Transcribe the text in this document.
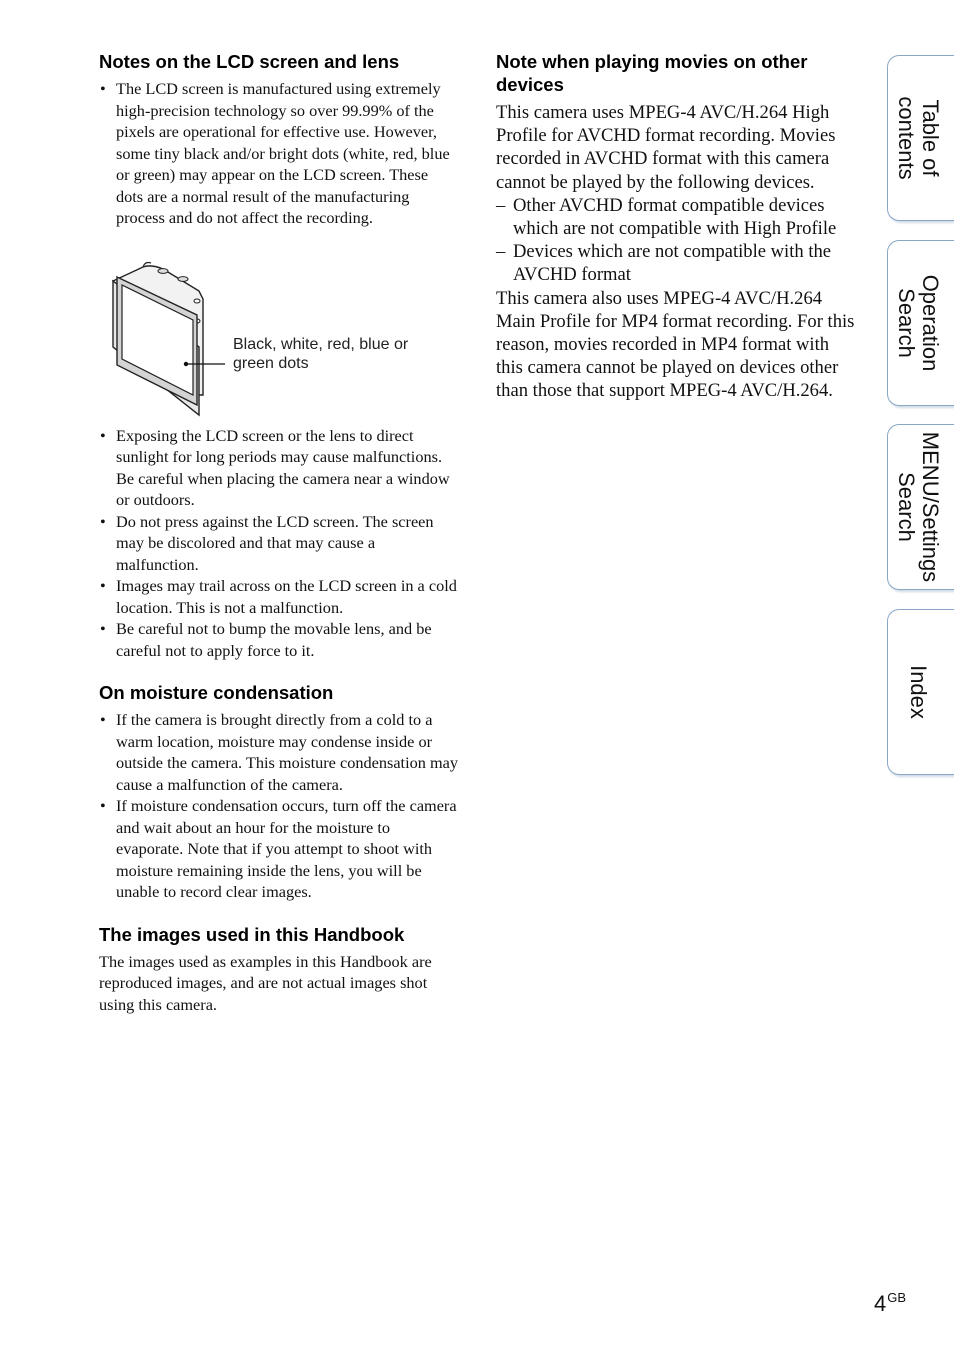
Notes on the LCD screen and lens
• The LCD screen is manufactured using extremely high-precision technology so over 99.99% of the pixels are operational for effective use. However, some tiny black and/or bright dots (white, red, blue or green) may appear on the LCD screen. These dots are a normal result of the manufacturing process and do not affect the recording.
Black, white, red, blue or green dots
• Exposing the LCD screen or the lens to direct sunlight for long periods may cause malfunctions. Be careful when placing the camera near a window or outdoors.
• Do not press against the LCD screen. The screen may be discolored and that may cause a malfunction.
• Images may trail across on the LCD screen in a cold location. This is not a malfunction.
• Be careful not to bump the movable lens, and be careful not to apply force to it.
On moisture condensation
• If the camera is brought directly from a cold to a warm location, moisture may condense inside or outside the camera. This moisture condensation may cause a malfunction of the camera.
• If moisture condensation occurs, turn off the camera and wait about an hour for the moisture to evaporate. Note that if you attempt to shoot with moisture remaining inside the lens, you will be unable to record clear images.
The images used in this Handbook

The images used as examples in this Handbook are reproduced images, and are not actual images shot using this camera.

Note when playing movies on other devices

This camera uses MPEG-4 AVC/H.264 High Profile for AVCHD format recording. Movies recorded in AVCHD format with this camera cannot be played by the following devices.

– Other AVCHD format compatible devices which are not compatible with High Profile
– Devices which are not compatible with the AVCHD format

This camera also uses MPEG-4 AVC/H.264 Main Profile for MP4 format recording. For this reason, movies recorded in MP4 format with this camera cannot be played on devices other than those that support MPEG-4 AVC/H.264.

Table of
contents
Operation
Search
MENU/Settings
Search
Index
$4^{GB}$
